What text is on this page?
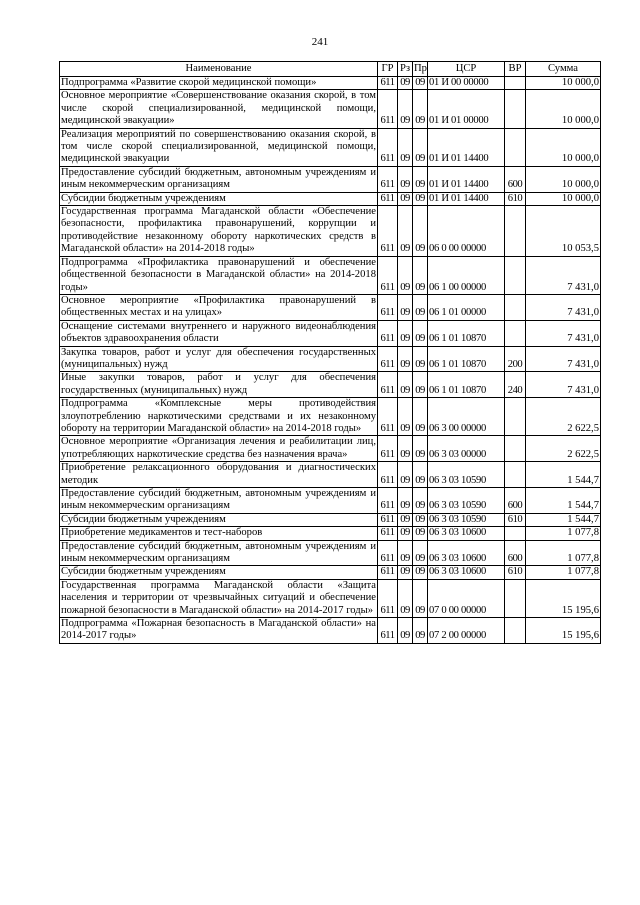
241
Наименование	ГР	Рз	Пр	ЦСР	ВР	Сумма
Подпрограмма «Развитие скорой медицинской помощи»	611	09	09	01 И 00 00000		10 000,0
Основное мероприятие «Совершенствование оказания скорой, в том числе скорой специализированной, медицинской помощи, медицинской эвакуации»	611	09	09	01 И 01 00000		10 000,0
Реализация мероприятий по совершенствованию оказания скорой, в том числе скорой специализированной, медицинской помощи, медицинской эвакуации	611	09	09	01 И 01 14400		10 000,0
Предоставление субсидий бюджетным, автономным учреждениям и иным некоммерческим организациям	611	09	09	01 И 01 14400	600	10 000,0
Субсидии бюджетным учреждениям	611	09	09	01 И 01 14400	610	10 000,0
Государственная программа Магаданской области «Обеспечение безопасности, профилактика правонарушений, коррупции и противодействие незаконному обороту наркотических средств в Магаданской области» на 2014-2018 годы»	611	09	09	06 0 00 00000		10 053,5
Подпрограмма «Профилактика правонарушений и обеспечение общественной безопасности в Магаданской области» на 2014-2018 годы»	611	09	09	06 1 00 00000		7 431,0
Основное мероприятие «Профилактика правонарушений в общественных местах и на улицах»	611	09	09	06 1 01 00000		7 431,0
Оснащение системами внутреннего и наружного видеонаблюдения объектов здравоохранения области	611	09	09	06 1 01 10870		7 431,0
Закупка товаров, работ и услуг для обеспечения государственных (муниципальных) нужд	611	09	09	06 1 01 10870	200	7 431,0
Иные закупки товаров, работ и услуг для обеспечения государственных (муниципальных) нужд	611	09	09	06 1 01 10870	240	7 431,0
Подпрограмма «Комплексные меры противодействия злоупотреблению наркотическими средствами и их незаконному обороту на территории Магаданской области» на 2014-2018 годы»	611	09	09	06 3 00 00000		2 622,5
Основное мероприятие «Организация лечения и реабилитации лиц, употребляющих наркотические средства без назначения врача»	611	09	09	06 3 03 00000		2 622,5
Приобретение релаксационного оборудования и диагностических методик	611	09	09	06 3 03 10590		1 544,7
Предоставление субсидий бюджетным, автономным учреждениям и иным некоммерческим организациям	611	09	09	06 3 03 10590	600	1 544,7
Субсидии бюджетным учреждениям	611	09	09	06 3 03 10590	610	1 544,7
Приобретение медикаментов и тест-наборов	611	09	09	06 3 03 10600		1 077,8
Предоставление субсидий бюджетным, автономным учреждениям и иным некоммерческим организациям	611	09	09	06 3 03 10600	600	1 077,8
Субсидии бюджетным учреждениям	611	09	09	06 3 03 10600	610	1 077,8
Государственная программа Магаданской области «Защита населения и территории от чрезвычайных ситуаций и обеспечение пожарной безопасности в Магаданской области» на 2014-2017 годы»	611	09	09	07 0 00 00000		15 195,6
Подпрограмма «Пожарная безопасность в Магаданской области» на 2014-2017 годы»	611	09	09	07 2 00 00000		15 195,6
